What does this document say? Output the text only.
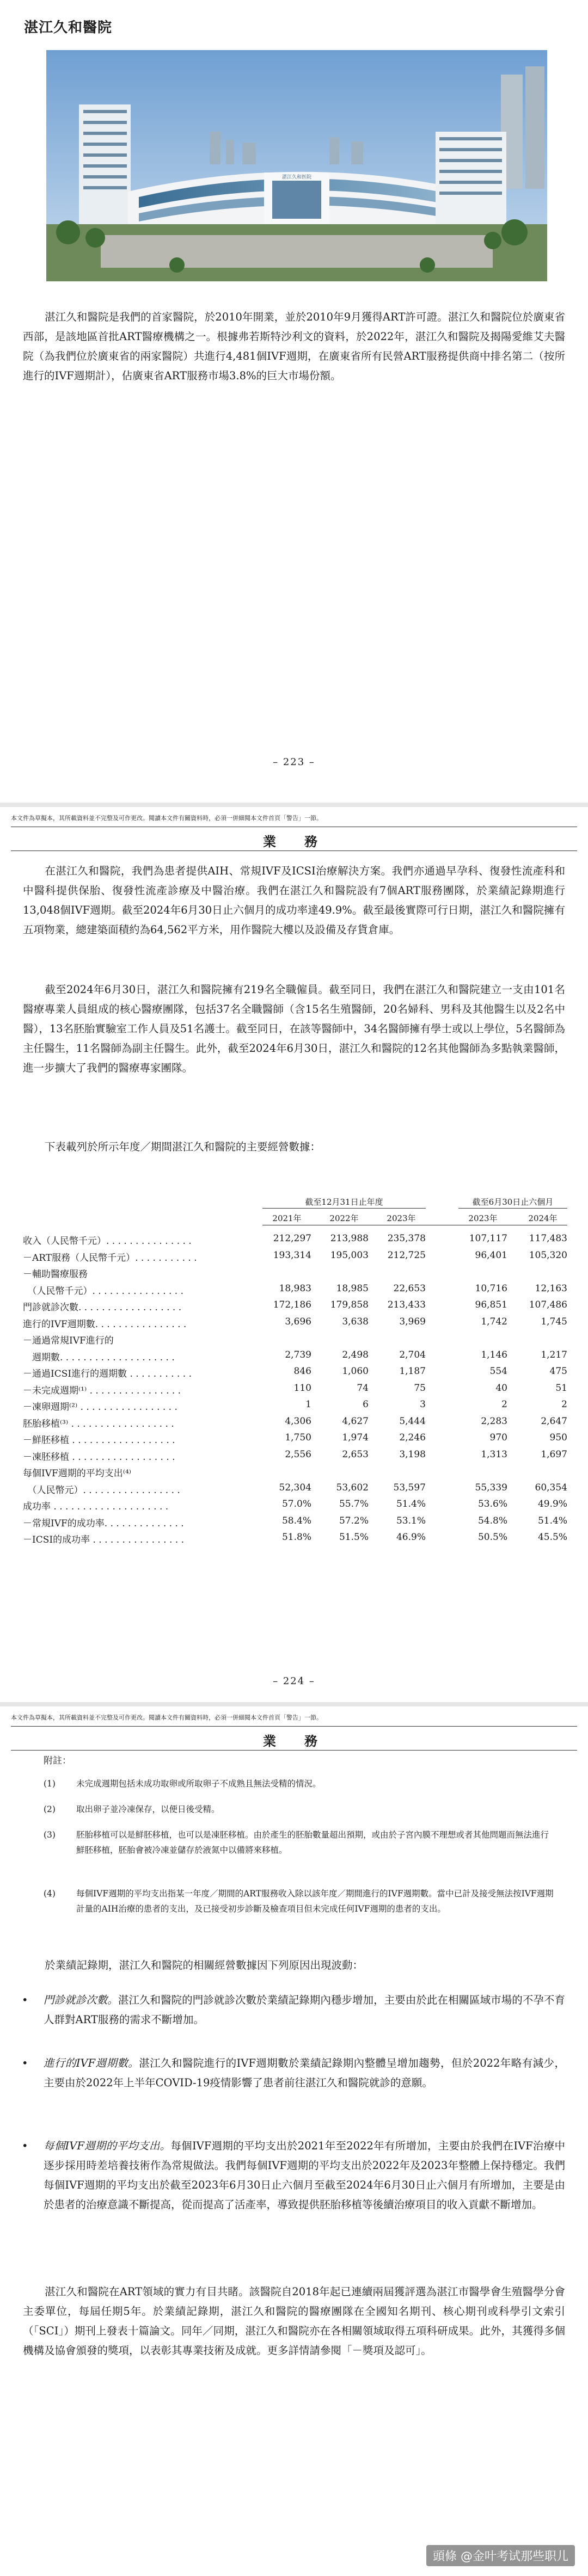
湛江久和醫院
湛江久和医院

湛江久和醫院是我們的首家醫院，於2010年開業，並於2010年9月獲得ART許可證。湛江久和醫院位於廣東省西部，是該地區首批ART醫療機構之一。根據弗若斯特沙利文的資料，於2022年，湛江久和醫院及揭陽愛維艾夫醫院（為我們位於廣東省的兩家醫院）共進行4,481個IVF週期，在廣東省所有民營ART服務提供商中排名第二（按所進行的IVF週期計），佔廣東省ART服務市場3.8%的巨大市場份額。

– 223 –
本文件為草擬本，其所載資料並不完整及可作更改。閱讀本文件有關資料時，必須一併細閱本文件首頁「警告」一節。
業　務

在湛江久和醫院，我們為患者提供AIH、常規IVF及ICSI治療解決方案。我們亦通過早孕科、復發性流產科和中醫科提供保胎、復發性流產診療及中醫治療。我們在湛江久和醫院設有7個ART服務團隊，於業績記錄期進行13,048個IVF週期。截至2024年6月30日止六個月的成功率達49.9%。截至最後實際可行日期，湛江久和醫院擁有五項物業，總建築面積約為64,562平方米，用作醫院大樓以及設備及存貨倉庫。

截至2024年6月30日，湛江久和醫院擁有219名全職僱員。截至同日，我們在湛江久和醫院建立一支由101名醫療專業人員組成的核心醫療團隊，包括37名全職醫師（含15名生殖醫師，20名婦科、男科及其他醫生以及2名中醫），13名胚胎實驗室工作人員及51名護士。截至同日，在該等醫師中，34名醫師擁有學士或以上學位，5名醫師為主任醫生，11名醫師為副主任醫生。此外，截至2024年6月30日，湛江久和醫院的12名其他醫師為多點執業醫師，進一步擴大了我們的醫療專家團隊。

下表載列於所示年度／期間湛江久和醫院的主要經營數據：

截至12月31日止年度	截至6月30日止六個月
2021年	2022年	2023年	2023年	2024年
收入（人民幣千元）. . . . . . . . . . . . . . .	212,297 213,988 235,378	107,117 117,483
－ART服務（人民幣千元）. . . . . . . . . . .	193,314 195,003 212,725	96,401 105,320
－輔助醫療服務
　（人民幣千元）. . . . . . . . . . . . . . . .	18,983	18,985	22,653	10,716	12,163
門診就診次數. . . . . . . . . . . . . . . . . .	172,186 179,858 213,433	96,851 107,486
進行的IVF週期數. . . . . . . . . . . . . . . .	3,696	3,638	3,969	1,742	1,745
－通過常規IVF進行的
　週期數. . . . . . . . . . . . . . . . . . . .	2,739	2,498	2,704	1,146	1,217
－通過ICSI進行的週期數 . . . . . . . . . . .	846	1,060	1,187	554	475
－未完成週期⁽¹⁾ . . . . . . . . . . . . . . . .	110	74	75	40	51
－凍卵週期⁽²⁾ . . . . . . . . . . . . . . . . .	1	6	3	2	2
胚胎移植⁽³⁾ . . . . . . . . . . . . . . . . . .	4,306	4,627	5,444	2,283	2,647
－鮮胚移植 . . . . . . . . . . . . . . . . . .	1,750	1,974	2,246	970	950
－凍胚移植 . . . . . . . . . . . . . . . . . .	2,556	2,653	3,198	1,313	1,697
每個IVF週期的平均支出⁽⁴⁾
　（人民幣元）. . . . . . . . . . . . . . . . .	52,304	53,602	53,597	55,339	60,354
成功率 . . . . . . . . . . . . . . . . . . . .	57.0%	55.7%	51.4%	53.6%	49.9%
－常規IVF的成功率. . . . . . . . . . . . . .	58.4%	57.2%	53.1%	54.8%	51.4%
－ICSI的成功率 . . . . . . . . . . . . . . . .	51.8%	51.5%	46.9%	50.5%	45.5%
– 224 –
本文件為草擬本，其所載資料並不完整及可作更改。閱讀本文件有關資料時，必須一併細閱本文件首頁「警告」一節。
業　務
附註：
(1) 未完成週期包括未成功取卵或所取卵子不成熟且無法受精的情況。
(2) 取出卵子並冷凍保存，以便日後受精。
(3) 胚胎移植可以是鮮胚移植，也可以是凍胚移植。由於產生的胚胎數量超出預期，或由於子宮內膜不理想或者其他問題而無法進行鮮胚移植，胚胎會被冷凍並儲存於液氮中以備將來移植。
(4) 每個IVF週期的平均支出指某一年度／期間的ART服務收入除以該年度／期間進行的IVF週期數。當中已計及接受無法按IVF週期計量的AIH治療的患者的支出，及已接受初步診斷及檢查項目但未完成任何IVF週期的患者的支出。

於業績記錄期，湛江久和醫院的相關經營數據因下列原因出現波動：

• 門診就診次數。湛江久和醫院的門診就診次數於業績記錄期內穩步增加，主要由於此在相關區域市場的不孕不育人群對ART服務的需求不斷增加。
• 進行的IVF週期數。湛江久和醫院進行的IVF週期數於業績記錄期內整體呈增加趨勢，但於2022年略有減少，主要由於2022年上半年COVID-19疫情影響了患者前往湛江久和醫院就診的意願。
• 每個IVF週期的平均支出。每個IVF週期的平均支出於2021年至2022年有所增加，主要由於我們在IVF治療中逐步採用時差培養技術作為常規做法。我們每個IVF週期的平均支出於2022年及2023年整體上保持穩定。我們每個IVF週期的平均支出於截至2023年6月30日止六個月至截至2024年6月30日止六個月有所增加，主要是由於患者的治療意識不斷提高，從而提高了活產率，導致提供胚胎移植等後續治療項目的收入貢獻不斷增加。

湛江久和醫院在ART領域的實力有目共睹。該醫院自2018年起已連續兩屆獲評選為湛江市醫學會生殖醫學分會主委單位，每屆任期5年。於業績記錄期，湛江久和醫院的醫療團隊在全國知名期刊、核心期刊或科學引文索引（「SCI」）期刊上發表十篇論文。同年／同期，湛江久和醫院亦在各相關領域取得五項科研成果。此外，其獲得多個機構及協會頒發的獎項，以表彰其專業技術及成就。更多詳情請參閱「－獎項及認可」。

頭條 @金叶考试那些职儿
